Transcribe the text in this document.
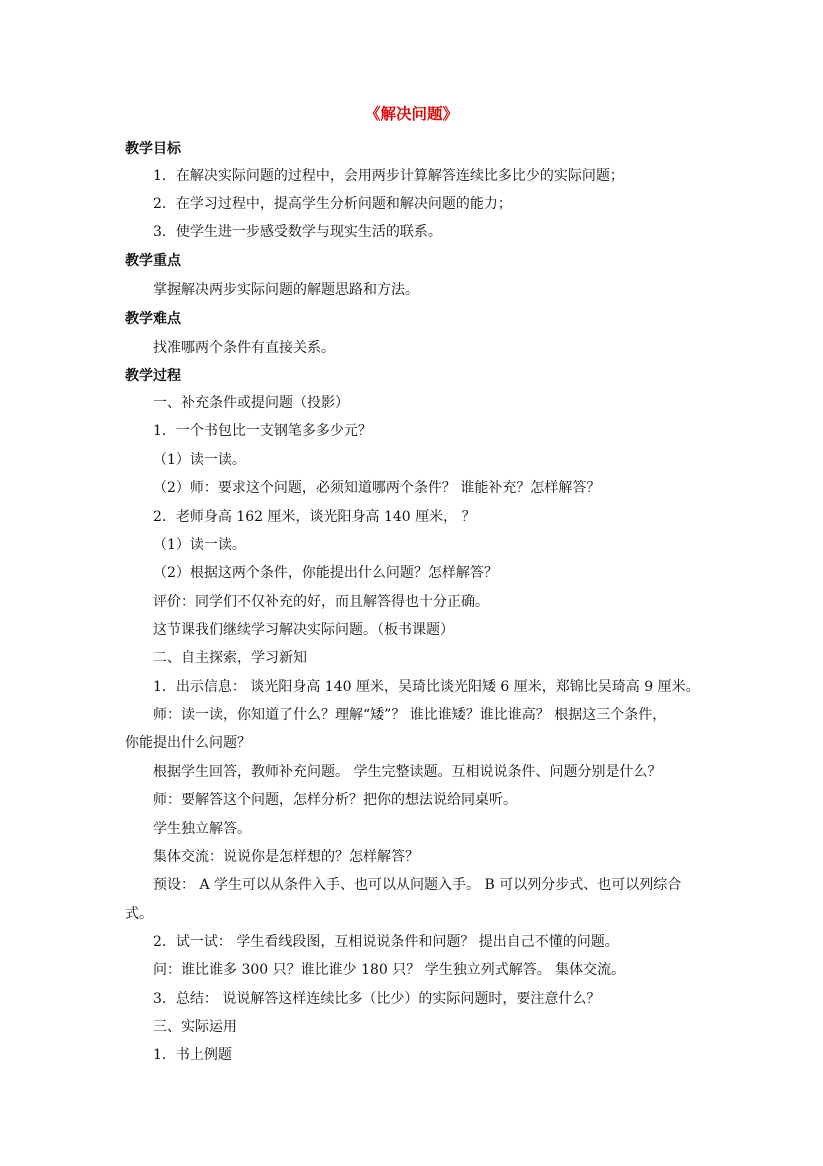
《解决问题》
教学目标
1．在解决实际问题的过程中，会用两步计算解答连续比多比少的实际问题；
2．在学习过程中，提高学生分析问题和解决问题的能力；
3．使学生进一步感受数学与现实生活的联系。
教学重点
掌握解决两步实际问题的解题思路和方法。
教学难点
找准哪两个条件有直接关系。
教学过程
一、补充条件或提问题（投影）
1．一个书包比一支钢笔多多少元？
（1）读一读。
（2）师：要求这个问题，必须知道哪两个条件？ 谁能补充？怎样解答？
2．老师身高 162 厘米，谈光阳身高 140 厘米， ？
（1）读一读。
（2）根据这两个条件，你能提出什么问题？怎样解答？
评价：同学们不仅补充的好，而且解答得也十分正确。
这节课我们继续学习解决实际问题。（板书课题）
二、自主探索，学习新知
1．出示信息： 谈光阳身高 140 厘米，吴琦比谈光阳矮 6 厘米，郑锦比吴琦高 9 厘米。
师：读一读，你知道了什么？理解“矮”？ 谁比谁矮？谁比谁高？ 根据这三个条件，
你能提出什么问题？
根据学生回答，教师补充问题。 学生完整读题。互相说说条件、问题分别是什么？
师：要解答这个问题，怎样分析？把你的想法说给同桌听。
学生独立解答。
集体交流：说说你是怎样想的？怎样解答？
预设： A 学生可以从条件入手、也可以从问题入手。 B 可以列分步式、也可以列综合
式。
2．试一试： 学生看线段图，互相说说条件和问题？ 提出自己不懂的问题。
问：谁比谁多 300 只？谁比谁少 180 只？ 学生独立列式解答。 集体交流。
3．总结： 说说解答这样连续比多（比少）的实际问题时，要注意什么？
三、实际运用
1．书上例题
